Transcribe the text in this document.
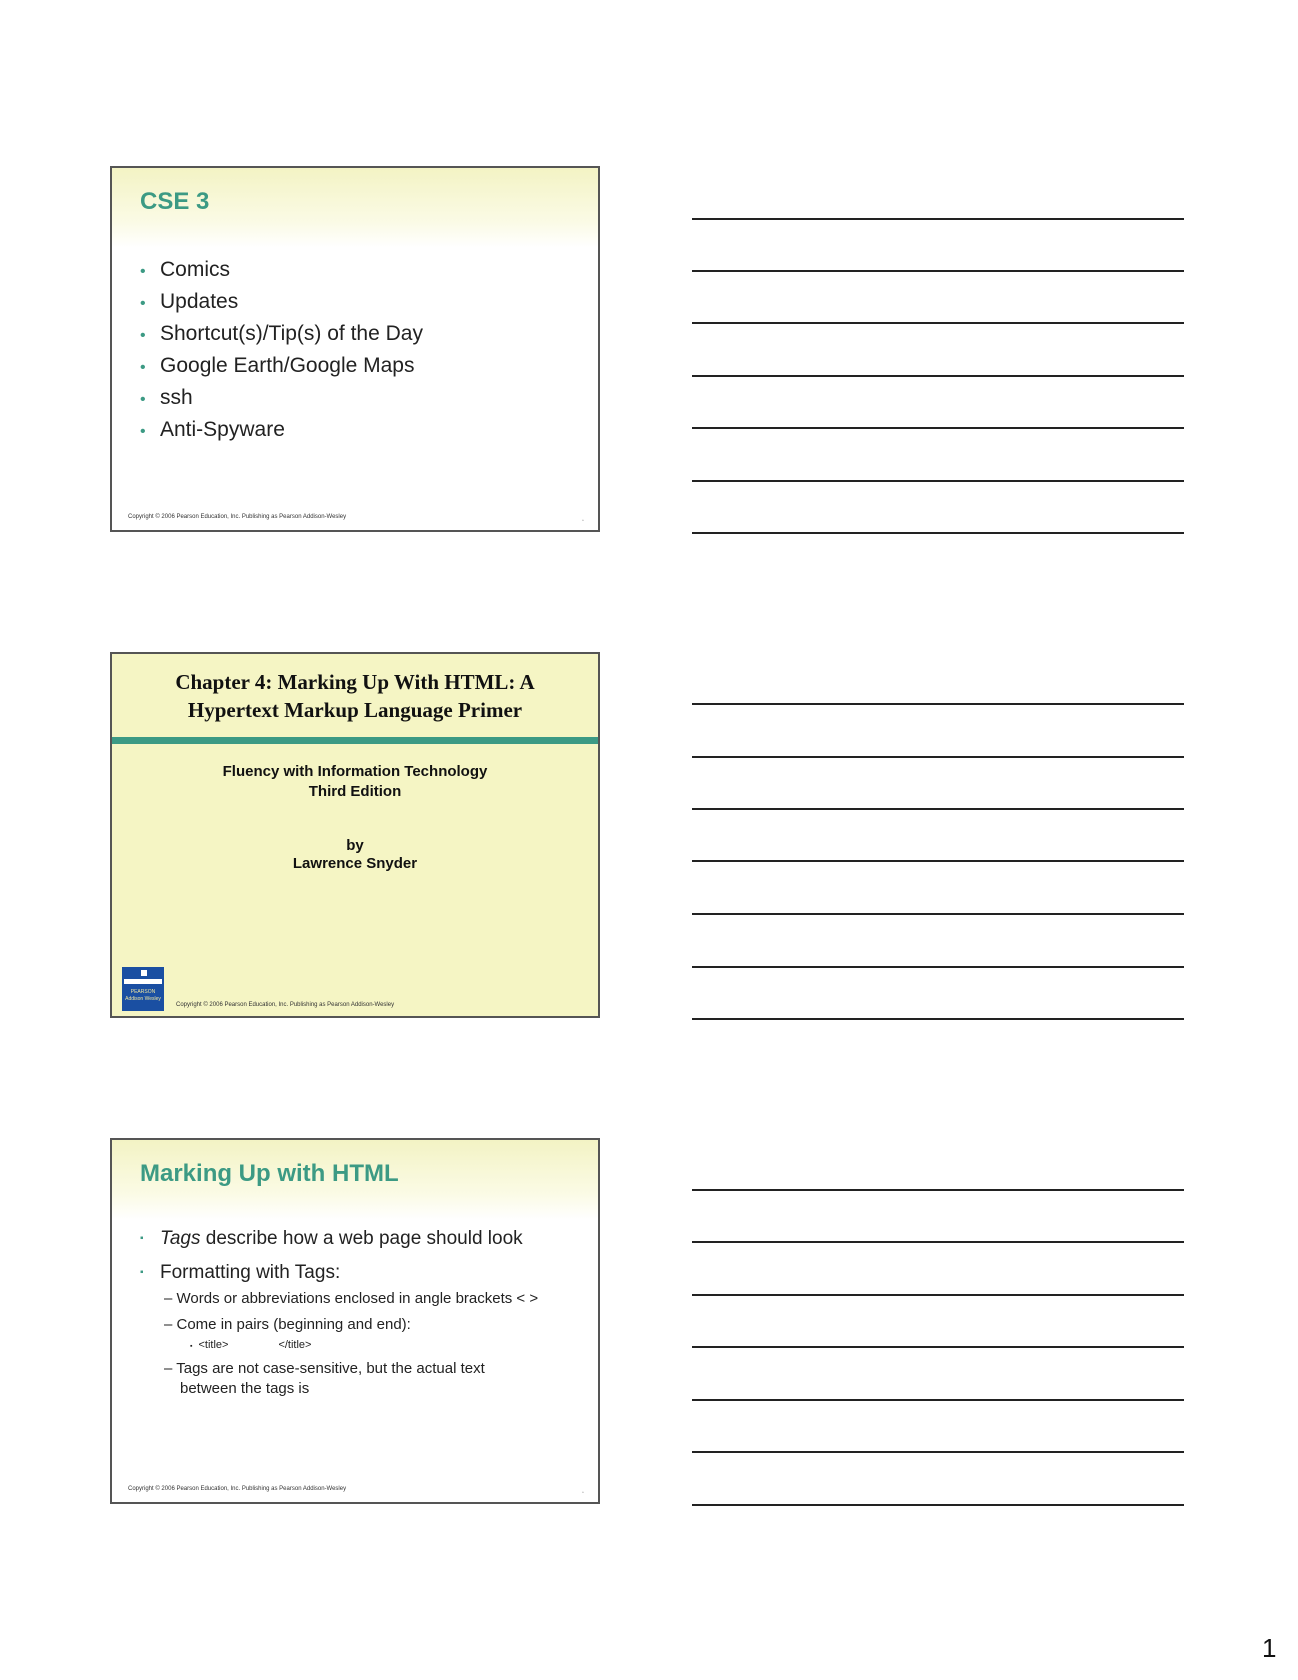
CSE 3
• Comics
• Updates
• Shortcut(s)/Tip(s) of the Day
• Google Earth/Google Maps
• ssh
• Anti-Spyware
Copyright © 2006 Pearson Education, Inc. Publishing as Pearson Addison-Wesley
▫
Chapter 4: Marking Up With HTML: A
Hypertext Markup Language Primer
Fluency with Information Technology
Third Edition
by
Lawrence Snyder
PEARSON Addison Wesley
Copyright © 2006 Pearson Education, Inc. Publishing as Pearson Addison-Wesley
Marking Up with HTML
▪ Tags describe how a web page should look
▪ Formatting with Tags:
– Words or abbreviations enclosed in angle brackets < >
– Come in pairs (beginning and end):
▪ <title>	</title>
– Tags are not case-sensitive, but the actual text
between the tags is
Copyright © 2006 Pearson Education, Inc. Publishing as Pearson Addison-Wesley
▫
1
